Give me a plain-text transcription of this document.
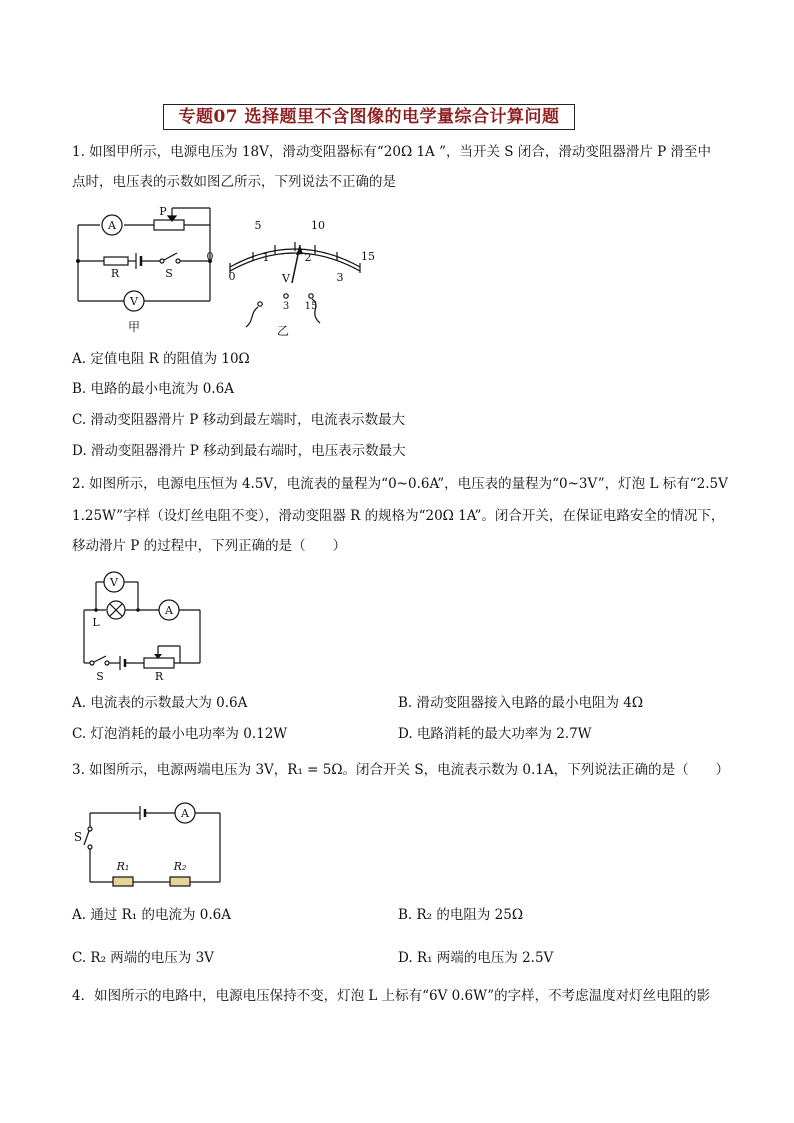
专题07 选择题里不含图像的电学量综合计算问题
1. 如图甲所示，电源电压为 18V，滑动变阻器标有“20Ω 1A ”，当开关 S 闭合，滑动变阻器滑片 P 滑至中
点时，电压表的示数如图乙所示，下列说法不正确的是
A
P
R	S
V
甲
0
5	10
15
0
1	2
3
V
3 15
乙
A. 定值电阻 R 的阻值为 10Ω
B. 电路的最小电流为 0.6A
C. 滑动变阻器滑片 P 移动到最左端时，电流表示数最大
D. 滑动变阻器滑片 P 移动到最右端时，电压表示数最大
2. 如图所示，电源电压恒为 4.5V，电流表的量程为“0~0.6A”，电压表的量程为“0~3V”，灯泡 L 标有“2.5V
1.25W”字样（设灯丝电阻不变），滑动变阻器 R 的规格为“20Ω 1A”。闭合开关，在保证电路安全的情况下，
移动滑片 P 的过程中，下列正确的是（　　）
V
A
L
S	R
A. 电流表的示数最大为 0.6A	B. 滑动变阻器接入电路的最小电阻为 4Ω
C. 灯泡消耗的最小电功率为 0.12W	D. 电路消耗的最大功率为 2.7W
3. 如图所示，电源两端电压为 3V，R₁ = 5Ω。闭合开关 S，电流表示数为 0.1A，下列说法正确的是（　　）
S
A
R₁	R₂
A. 通过 R₁ 的电流为 0.6A	B. R₂ 的电阻为 25Ω
C. R₂ 两端的电压为 3V	D. R₁ 两端的电压为 2.5V
4．如图所示的电路中，电源电压保持不变，灯泡 L 上标有“6V 0.6W”的字样，不考虑温度对灯丝电阻的影
